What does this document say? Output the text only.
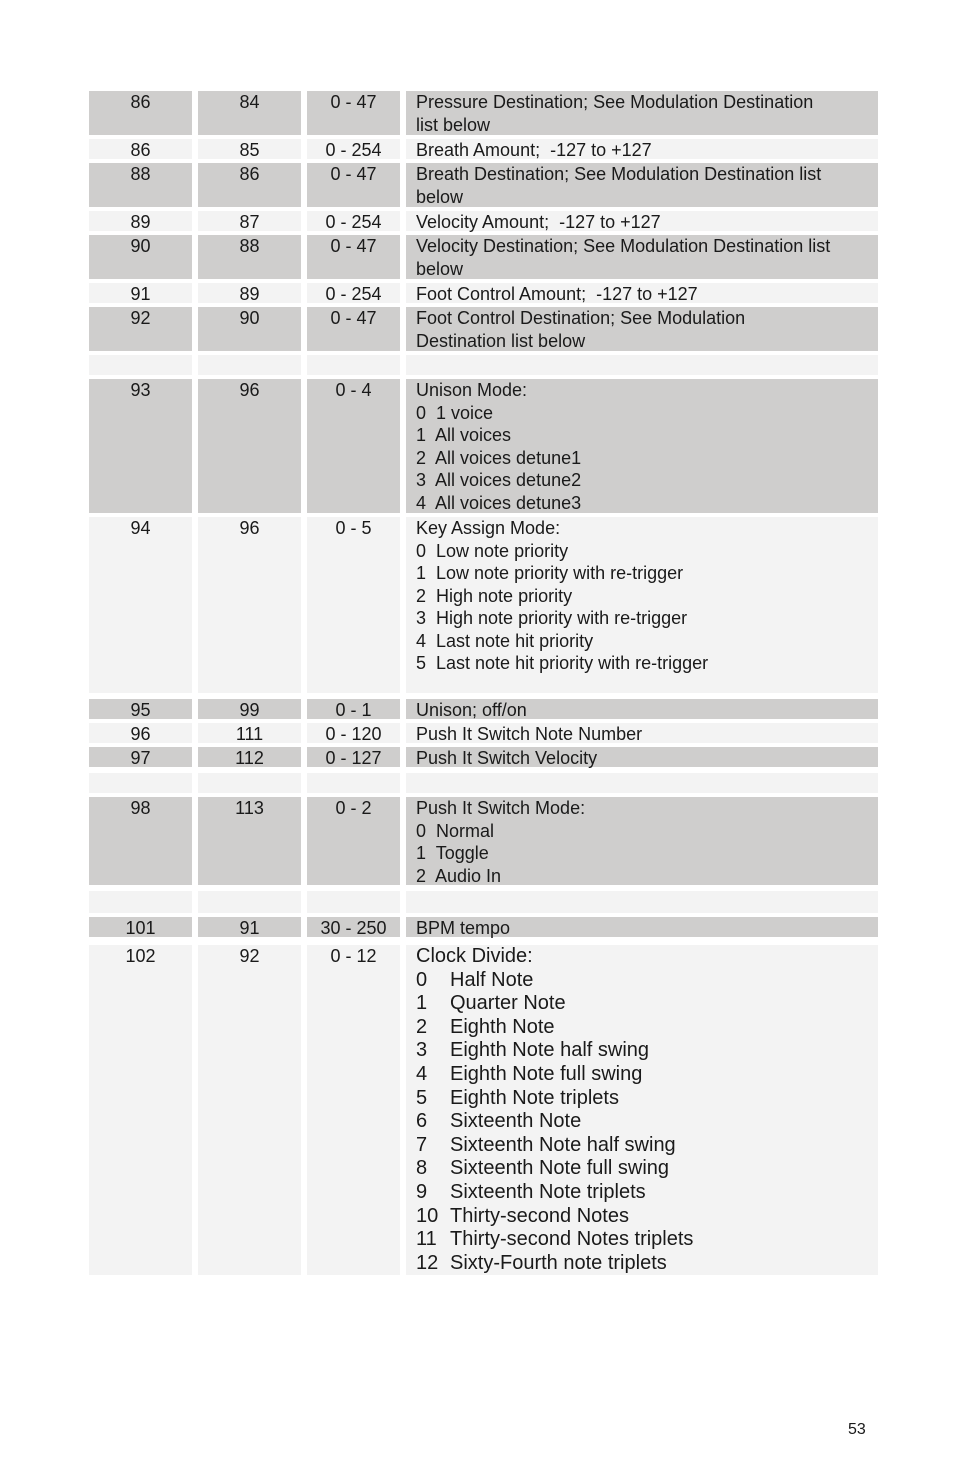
86	84	0 - 47	Pressure Destination; See Modulation Destination
list below
86	85	0 - 254	Breath Amount;  -127 to +127
88	86	0 - 47	Breath Destination; See Modulation Destination list
below
89	87	0 - 254	Velocity Amount;  -127 to +127
90	88	0 - 47	Velocity Destination; See Modulation Destination list
below
91	89	0 - 254	Foot Control Amount;  -127 to +127
92	90	0 - 47	Foot Control Destination; See Modulation
Destination list below
93	96	0 - 4	Unison Mode:
0  1 voice
1  All voices
2  All voices detune1
3  All voices detune2
4  All voices detune3
94	96	0 - 5	Key Assign Mode:
0  Low note priority
1  Low note priority with re-trigger
2  High note priority
3  High note priority with re-trigger
4  Last note hit priority
5  Last note hit priority with re-trigger
95	99	0 - 1	Unison; off/on
96	111	0 - 120	Push It Switch Note Number
97	112	0 - 127	Push It Switch Velocity
98	113	0 - 2	Push It Switch Mode:
0  Normal
1  Toggle
2  Audio In
101	91	30 - 250	BPM tempo
102	92	0 - 12	Clock Divide:
0	Half Note
1	Quarter Note
2	Eighth Note
3	Eighth Note half swing
4	Eighth Note full swing
5	Eighth Note triplets
6	Sixteenth Note
7	Sixteenth Note half swing
8	Sixteenth Note full swing
9	Sixteenth Note triplets
10 Thirty-second Notes
11 Thirty-second Notes triplets
12 Sixty-Fourth note triplets
53
